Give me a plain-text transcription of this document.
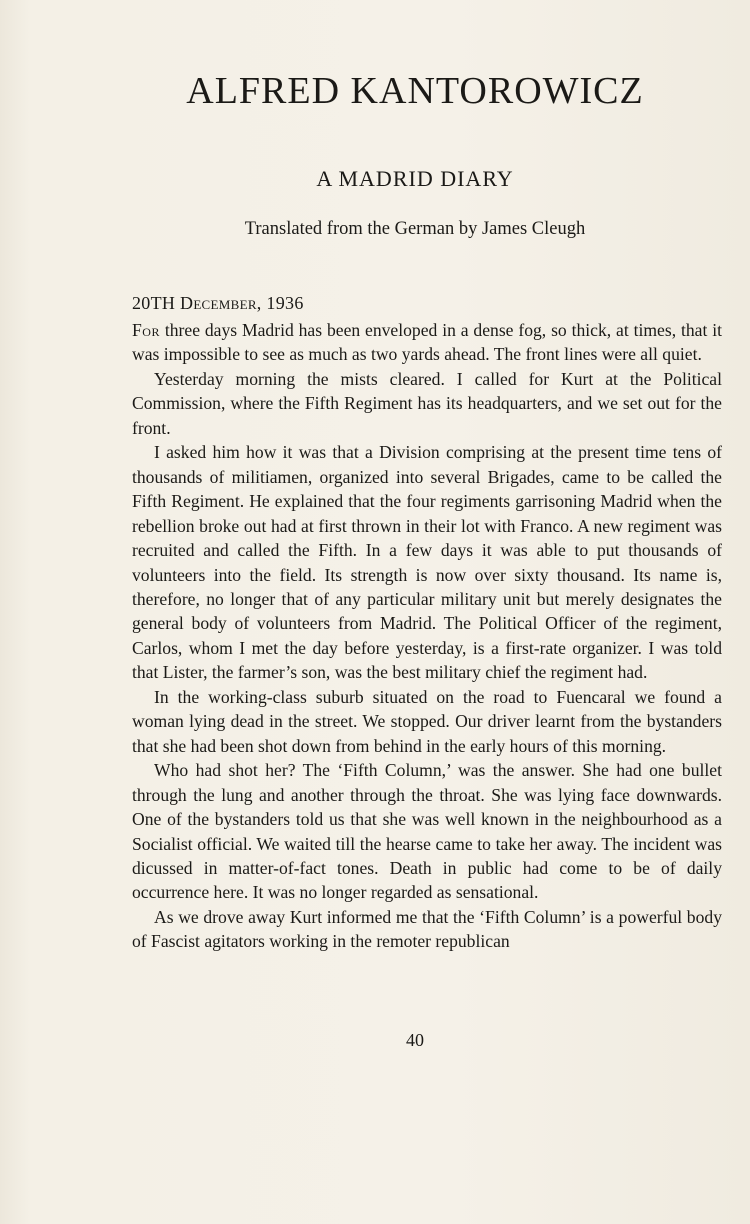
ALFRED KANTOROWICZ
A MADRID DIARY
Translated from the German by James Cleugh
20TH December, 1936

For three days Madrid has been enveloped in a dense fog, so thick, at times, that it was impossible to see as much as two yards ahead. The front lines were all quiet.

Yesterday morning the mists cleared. I called for Kurt at the Political Commission, where the Fifth Regiment has its headquarters, and we set out for the front.

I asked him how it was that a Division comprising at the present time tens of thousands of militiamen, organized into several Brigades, came to be called the Fifth Regiment. He explained that the four regiments garrisoning Madrid when the rebellion broke out had at first thrown in their lot with Franco. A new regiment was recruited and called the Fifth. In a few days it was able to put thousands of volunteers into the field. Its strength is now over sixty thousand. Its name is, therefore, no longer that of any particular military unit but merely designates the general body of volunteers from Madrid. The Political Officer of the regiment, Carlos, whom I met the day before yesterday, is a first-rate organizer. I was told that Lister, the farmer’s son, was the best military chief the regiment had.

In the working-class suburb situated on the road to Fuencaral we found a woman lying dead in the street. We stopped. Our driver learnt from the bystanders that she had been shot down from behind in the early hours of this morning.

Who had shot her? The ‘Fifth Column,’ was the answer. She had one bullet through the lung and another through the throat. She was lying face downwards. One of the bystanders told us that she was well known in the neighbourhood as a Socialist official. We waited till the hearse came to take her away. The incident was dicussed in matter-of-fact tones. Death in public had come to be of daily occurrence here. It was no longer regarded as sensational.

As we drove away Kurt informed me that the ‘Fifth Column’ is a powerful body of Fascist agitators working in the remoter republican

40
